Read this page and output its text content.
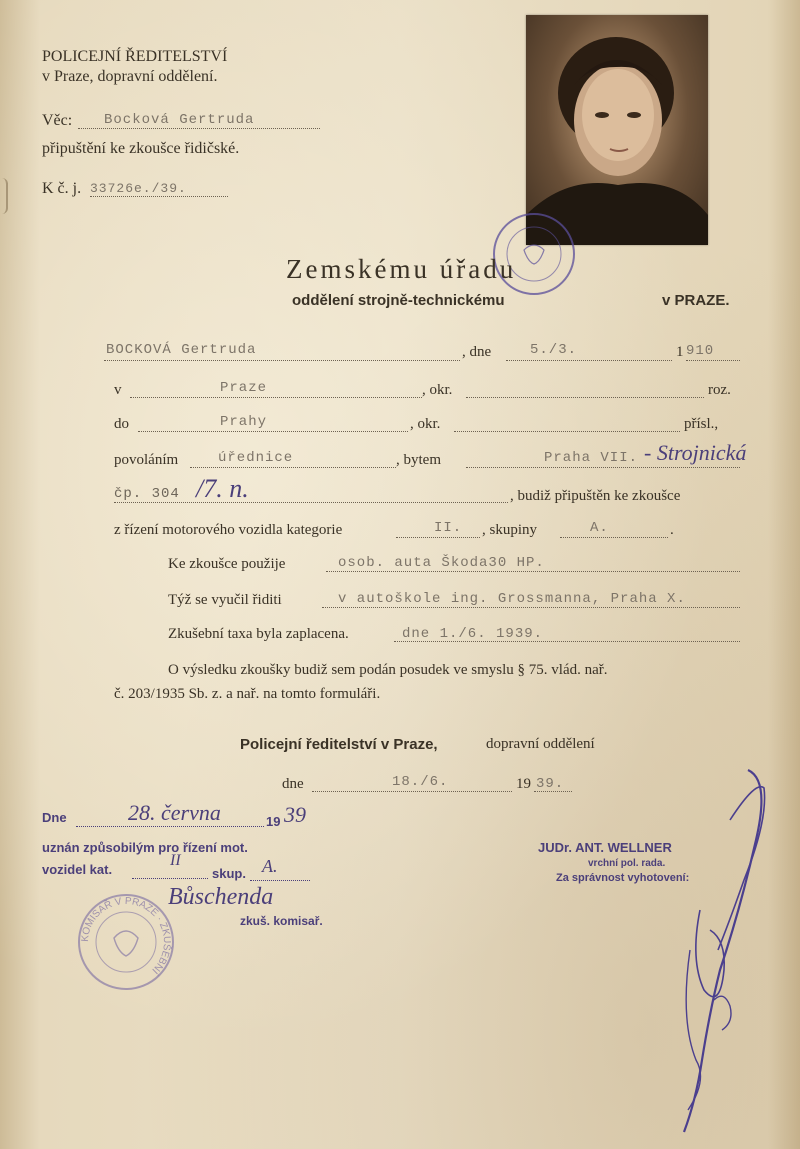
POLICEJNÍ ŘEDITELSTVÍ
v Praze, dopravní oddělení.
Věc: Bocková Gertruda
připuštění ke zkoušce řidičské.
K č. j. 33726e./39.
Zemskému úřadu
oddělení strojně-technickému	v PRAZE.
BOCKOVÁ Gertruda	, dne	5./3.	1 910
v	Praze	, okr.	roz.
do	Prahy	, okr.	přísl.,
povoláním	úřednice	, bytem	Praha VII. - Strojnická
čp. 304 /7. n.	, budiž připuštěn ke zkoušce
z řízení motorového vozidla kategorie	II. , skupiny	A.	.
Ke zkoušce použije	osob. auta Škoda30 HP.
Týž se vyučil řiditi	v autoškole ing. Grossmanna, Praha X.
Zkušební taxa byla zaplacena.	dne 1./6. 1939.
O výsledku zkoušky budiž sem podán posudek ve smyslu § 75. vlád. nař.
č. 203/1935 Sb. z. a nař. na tomto formuláři.
Policejní ředitelství v Praze,	dopravní oddělení
dne	18./6.	19 39.
Dne	28. června	19 39
uznán způsobilým pro řízení mot.
vozidel kat.
II
skup. A.
Bůschenda
zkuš. komisař.
KOMISAŘ V PRAZE · ZKUŠEBNÍ
JUDr. ANT. WELLNER
vrchní pol. rada.
Za správnost vyhotovení:
